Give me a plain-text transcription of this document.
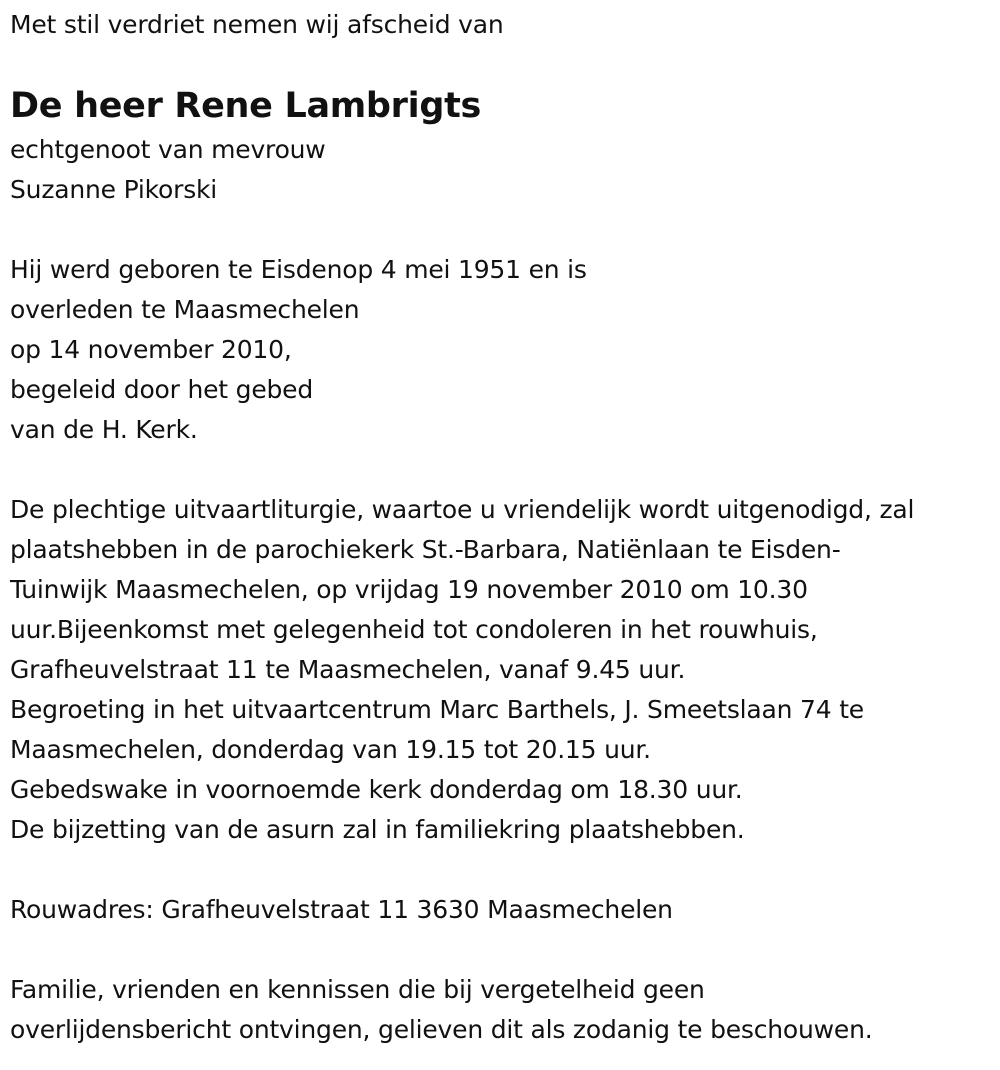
Met stil verdriet nemen wij afscheid van
De heer Rene Lambrigts
echtgenoot van mevrouw
Suzanne Pikorski
Hij werd geboren te Eisdenop 4 mei 1951 en is
overleden te Maasmechelen
op 14 november 2010,
begeleid door het gebed
van de H. Kerk.
De plechtige uitvaartliturgie, waartoe u vriendelijk wordt uitgenodigd, zal
plaatshebben in de parochiekerk St.-Barbara, Natiënlaan te Eisden-
Tuinwijk Maasmechelen, op vrijdag 19 november 2010 om 10.30
uur.Bijeenkomst met gelegenheid tot condoleren in het rouwhuis,
Grafheuvelstraat 11 te Maasmechelen, vanaf 9.45 uur.
Begroeting in het uitvaartcentrum Marc Barthels, J. Smeetslaan 74 te
Maasmechelen, donderdag van 19.15 tot 20.15 uur.
Gebedswake in voornoemde kerk donderdag om 18.30 uur.
De bijzetting van de asurn zal in familiekring plaatshebben.
Rouwadres: Grafheuvelstraat 11 3630 Maasmechelen
Familie, vrienden en kennissen die bij vergetelheid geen
overlijdensbericht ontvingen, gelieven dit als zodanig te beschouwen.
